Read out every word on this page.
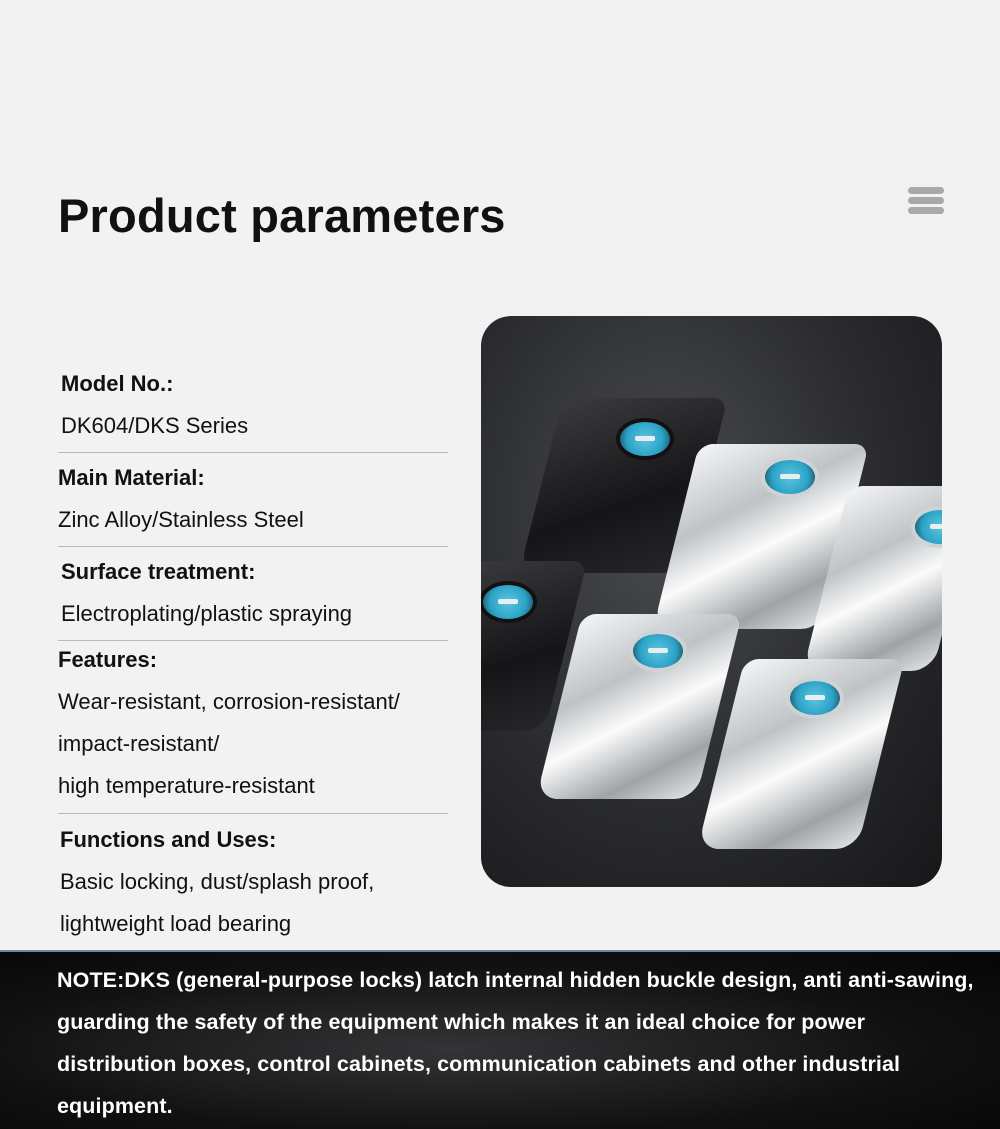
Product parameters
Model No.:
DK604/DKS Series
Main Material:
Zinc Alloy/Stainless Steel
Surface treatment:
Electroplating/plastic spraying
Features:
Wear-resistant, corrosion-resistant/
impact-resistant/
high temperature-resistant
Functions and Uses:
Basic locking, dust/splash proof,
lightweight load bearing

NOTE:DKS (general-purpose locks) latch internal hidden buckle design, anti anti-sawing, guarding the safety of the equipment which makes it an ideal choice for power distribution boxes, control cabinets, communication cabinets and other industrial equipment.
